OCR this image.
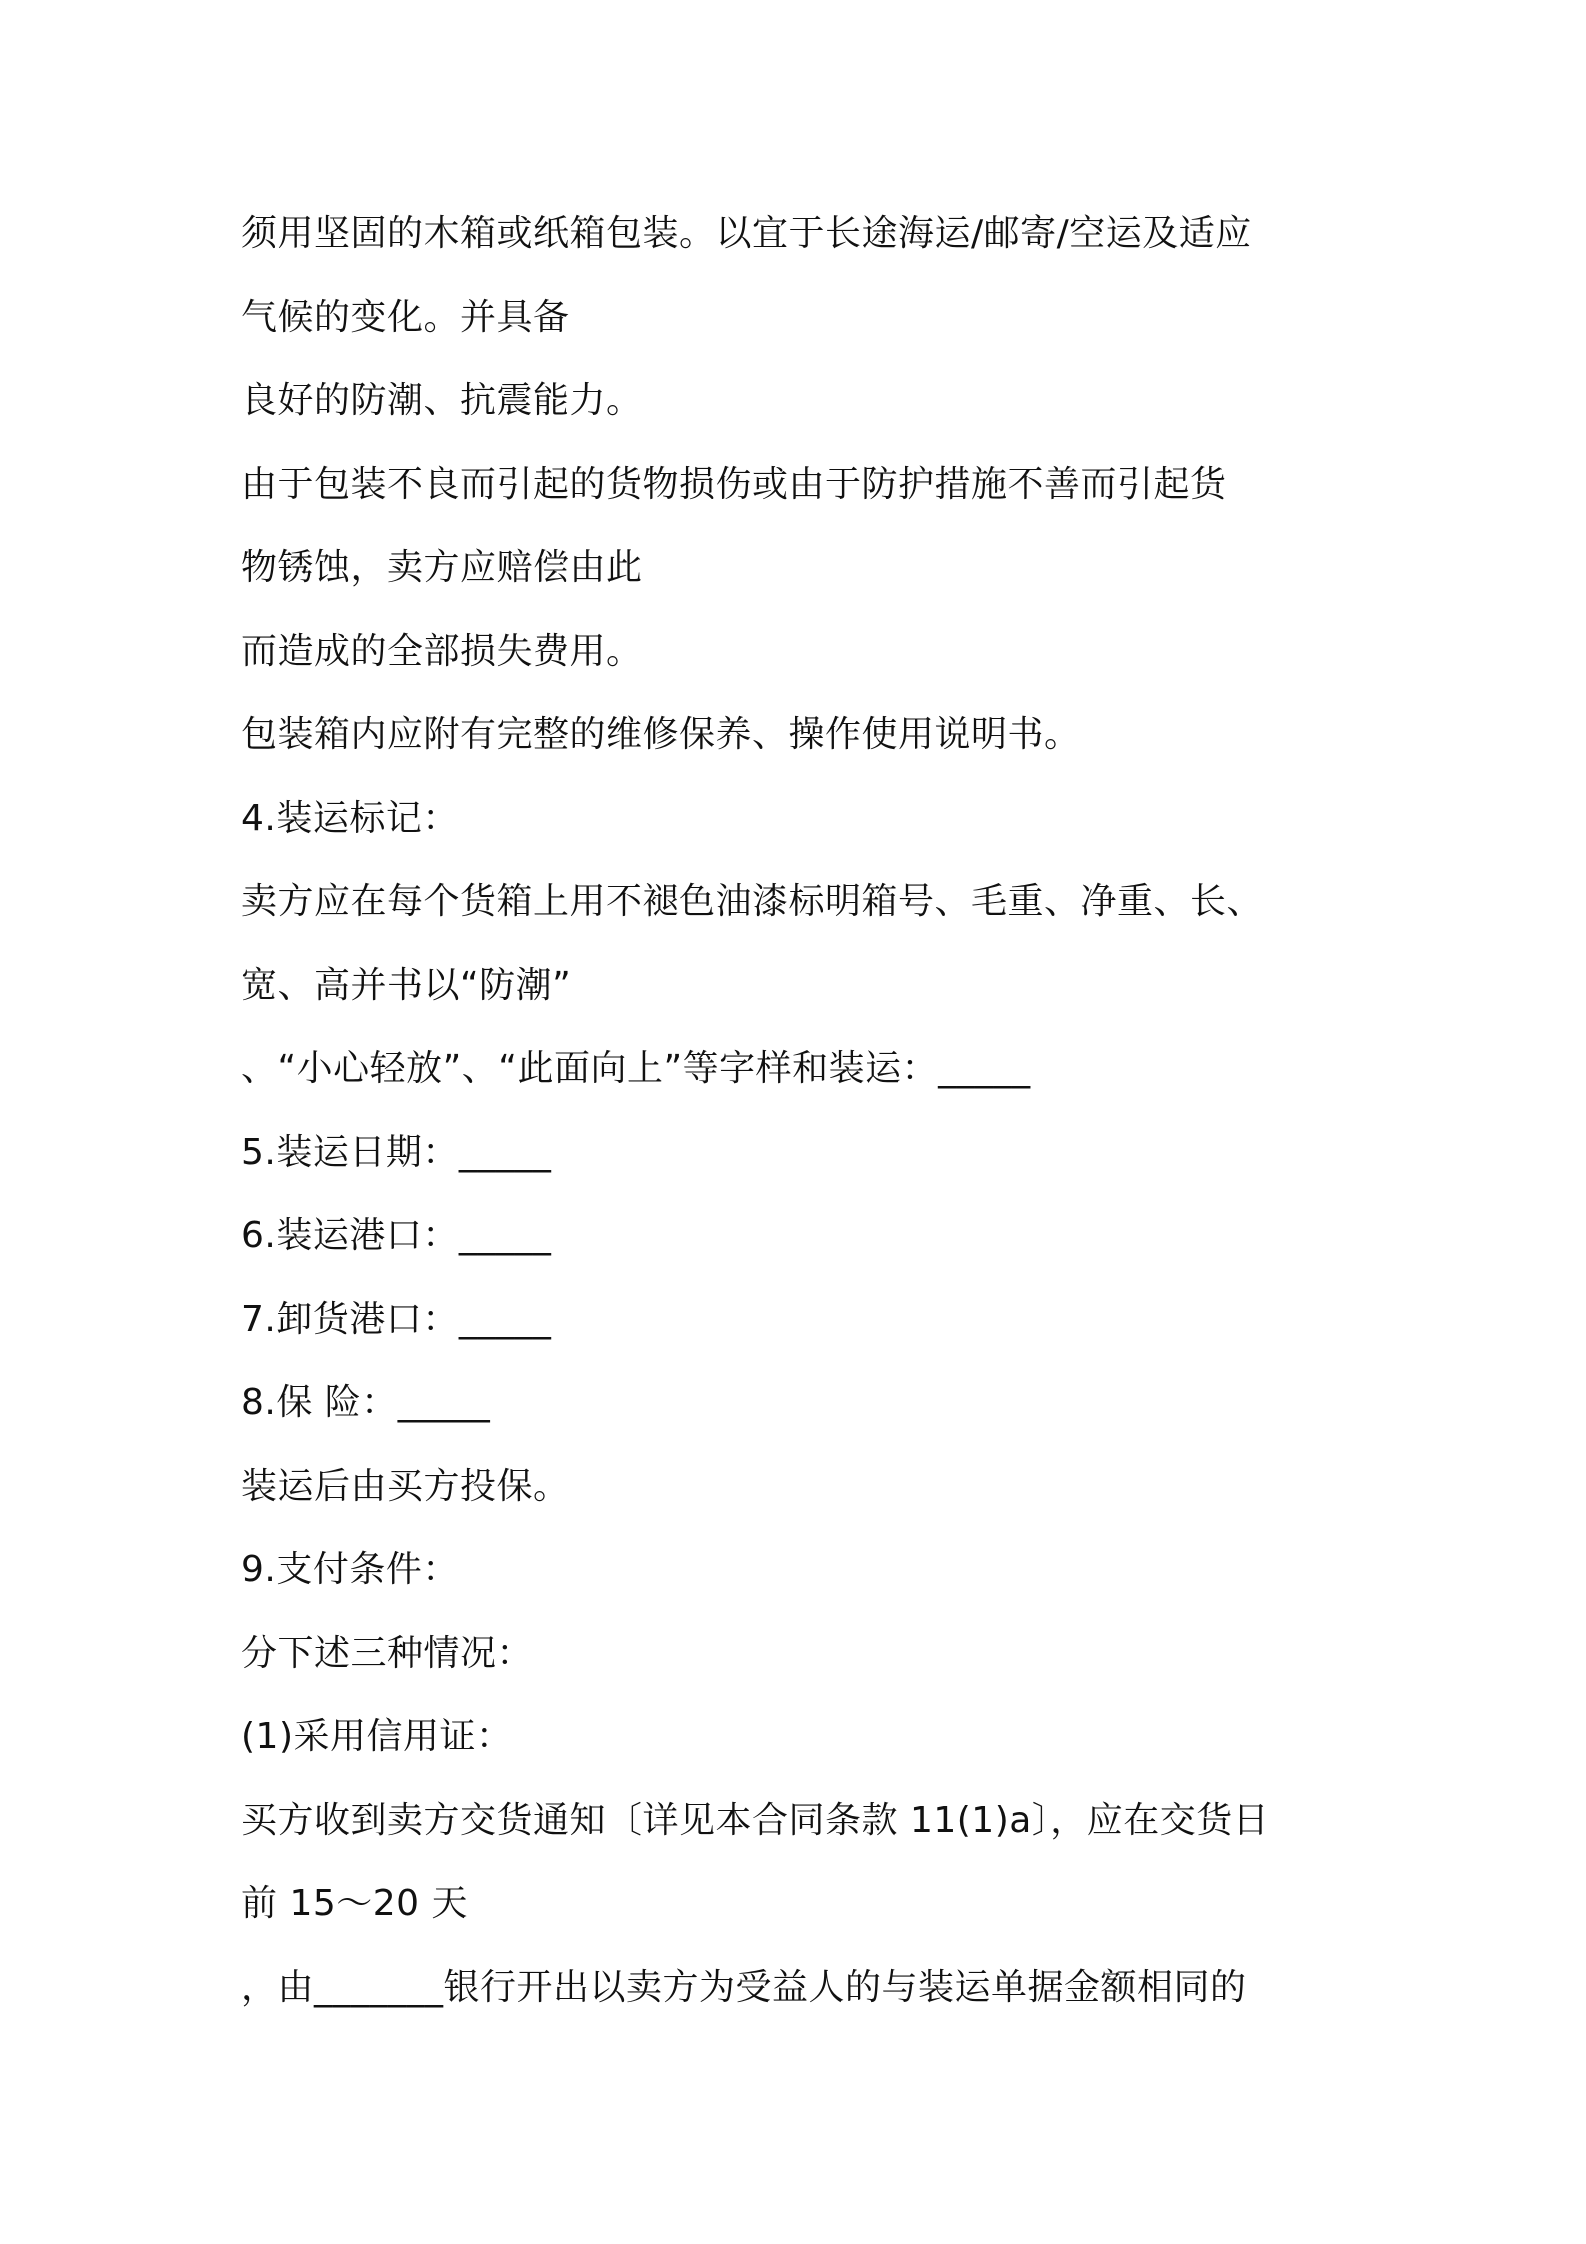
须用坚固的木箱或纸箱包装。以宜于长途海运/邮寄/空运及适应
气候的变化。并具备
良好的防潮、抗震能力。
由于包装不良而引起的货物损伤或由于防护措施不善而引起货
物锈蚀，卖方应赔偿由此
而造成的全部损失费用。
包装箱内应附有完整的维修保养、操作使用说明书。
4.装运标记：
卖方应在每个货箱上用不褪色油漆标明箱号、毛重、净重、长、
宽、高并书以“防潮”
、“小心轻放”、“此面向上”等字样和装运：_____
5.装运日期：_____
6.装运港口：_____
7.卸货港口：_____
8.保 险：_____
装运后由买方投保。
9.支付条件：
分下述三种情况：
(1)采用信用证：
买方收到卖方交货通知〔详见本合同条款 11(1)a〕，应在交货日
前 15～20 天
，由_______银行开出以卖方为受益人的与装运单据金额相同的
